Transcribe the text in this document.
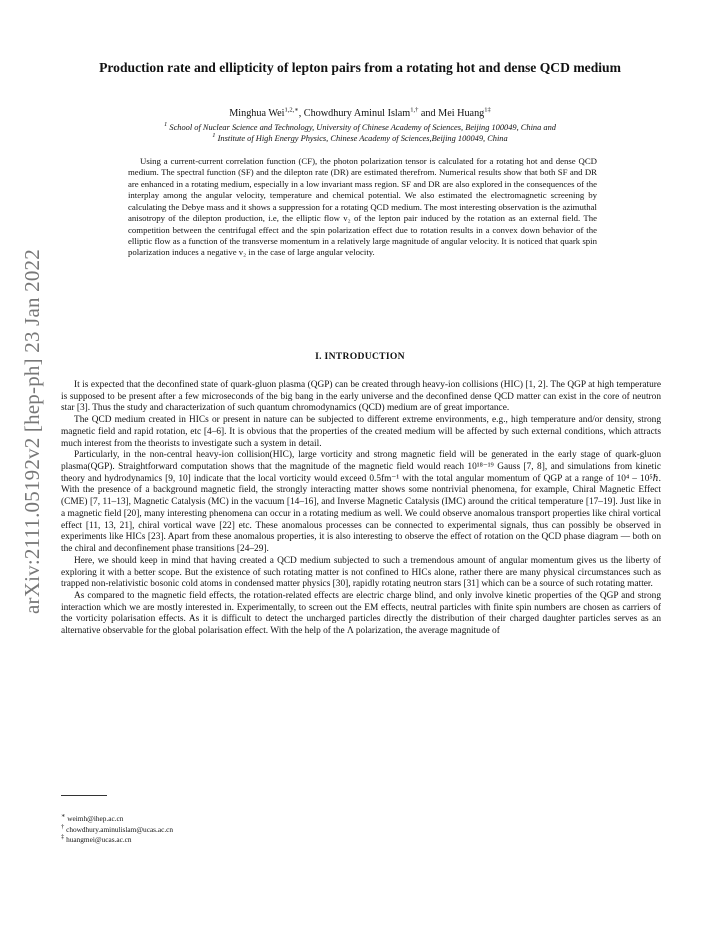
arXiv:2111.05192v2 [hep-ph] 23 Jan 2022
Production rate and ellipticity of lepton pairs from a rotating hot and dense QCD medium
Minghua Wei$^{1,2,∗}$, Chowdhury Aminul Islam$^{1,\dagger}$ and Mei Huang$^{1\ddagger}$
$^1$ School of Nuclear Science and Technology, University of Chinese Academy of Sciences, Beijing 100049, China and
$^1$ Institute of High Energy Physics, Chinese Academy of Sciences,Beijing 100049, China
Using a current-current correlation function (CF), the photon polarization tensor is calculated for a rotating hot and dense QCD medium. The spectral function (SF) and the dilepton rate (DR) are estimated therefrom. Numerical results show that both SF and DR are enhanced in a rotating medium, especially in a low invariant mass region. SF and DR are also explored in the consequences of the interplay among the angular velocity, temperature and chemical potential. We also estimated the electromagnetic screening by calculating the Debye mass and it shows a suppression for a rotating QCD medium. The most interesting observation is the azimuthal anisotropy of the dilepton production, i.e, the elliptic flow v₂ of the lepton pair induced by the rotation as an external field. The competition between the centrifugal effect and the spin polarization effect due to rotation results in a convex down behavior of the elliptic flow as a function of the transverse momentum in a relatively large magnitude of angular velocity. It is noticed that quark spin polarization induces a negative v₂ in the case of large angular velocity.
I. INTRODUCTION

It is expected that the deconfined state of quark-gluon plasma (QGP) can be created through heavy-ion collisions (HIC) [1, 2]. The QGP at high temperature is supposed to be present after a few microseconds of the big bang in the early universe and the deconfined dense QCD matter can exist in the core of neutron star [3]. Thus the study and characterization of such quantum chromodynamics (QCD) medium are of great importance.

The QCD medium created in HICs or present in nature can be subjected to different extreme environments, e.g., high temperature and/or density, strong magnetic field and rapid rotation, etc [4–6]. It is obvious that the properties of the created medium will be affected by such external conditions, which attracts much interest from the theorists to investigate such a system in detail.

Particularly, in the non-central heavy-ion collision(HIC), large vorticity and strong magnetic field will be generated in the early stage of quark-gluon plasma(QGP). Straightforward computation shows that the magnitude of the magnetic field would reach 10¹⁸⁻¹⁹ Gauss [7, 8], and simulations from kinetic theory and hydrodynamics [9, 10] indicate that the local vorticity would exceed 0.5fm⁻¹ with the total angular momentum of QGP at a range of 10⁴ – 10⁵ℏ. With the presence of a background magnetic field, the strongly interacting matter shows some nontrivial phenomena, for example, Chiral Magnetic Effect (CME) [7, 11–13], Magnetic Catalysis (MC) in the vacuum [14–16], and Inverse Magnetic Catalysis (IMC) around the critical temperature [17–19]. Just like in a magnetic field [20], many interesting phenomena can occur in a rotating medium as well. We could observe anomalous transport properties like chiral vortical effect [11, 13, 21], chiral vortical wave [22] etc. These anomalous processes can be connected to experimental signals, thus can possibly be observed in experiments like HICs [23]. Apart from these anomalous properties, it is also interesting to observe the effect of rotation on the QCD phase diagram — both on the chiral and deconfinement phase transitions [24–29].

Here, we should keep in mind that having created a QCD medium subjected to such a tremendous amount of angular momentum gives us the liberty of exploring it with a better scope. But the existence of such rotating matter is not confined to HICs alone, rather there are many physical circumstances such as trapped non-relativistic bosonic cold atoms in condensed matter physics [30], rapidly rotating neutron stars [31] which can be a source of such rotating matter.

As compared to the magnetic field effects, the rotation-related effects are electric charge blind, and only involve kinetic properties of the QGP and strong interaction which we are mostly interested in. Experimentally, to screen out the EM effects, neutral particles with finite spin numbers are chosen as carriers of the vorticity polarisation effects. As it is difficult to detect the uncharged particles directly the distribution of their charged daughter particles serves as an alternative observable for the global polarisation effect. With the help of the Λ polarization, the average magnitude of

∗ weimh@ihep.ac.cn
† chowdhury.aminulislam@ucas.ac.cn
‡ huangmei@ucas.ac.cn
